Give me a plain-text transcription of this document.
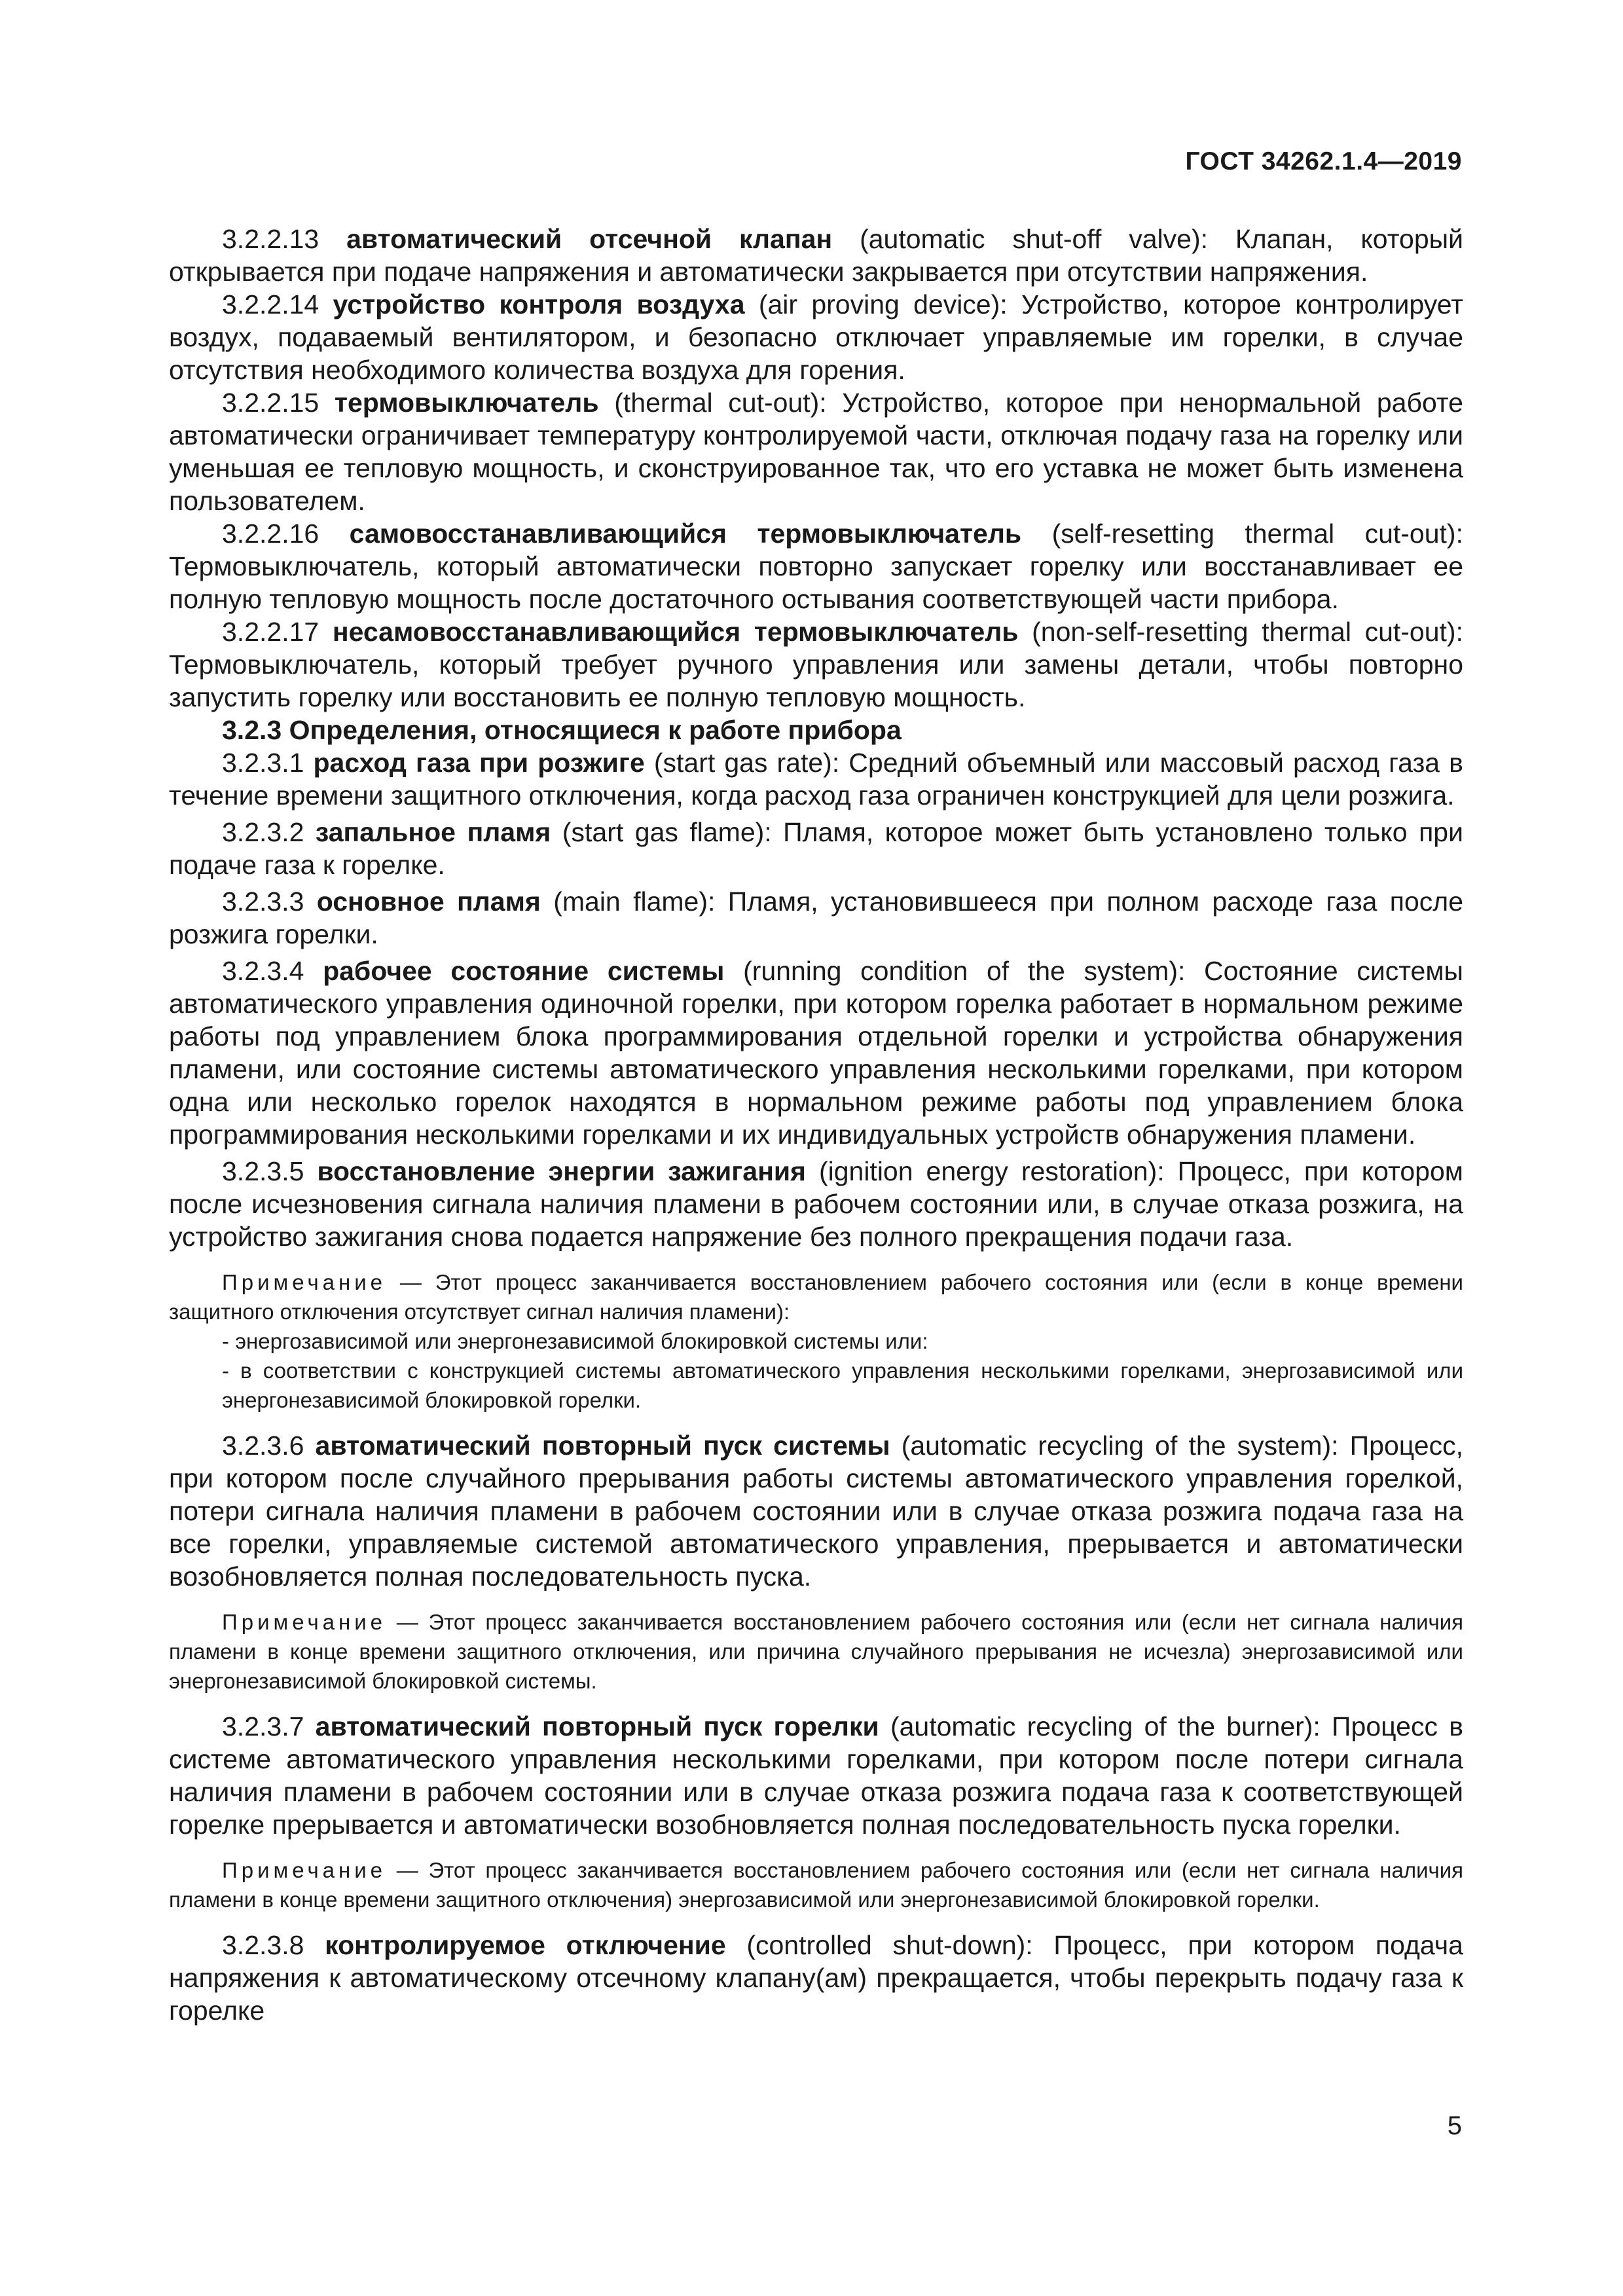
ГОСТ 34262.1.4—2019

3.2.2.13 автоматический отсечной клапан (automatic shut-off valve): Клапан, который открывается при подаче напряжения и автоматически закрывается при отсутствии напряжения.

3.2.2.14 устройство контроля воздуха (air proving device): Устройство, которое контролирует воздух, подаваемый вентилятором, и безопасно отключает управляемые им горелки, в случае отсутствия необходимого количества воздуха для горения.

3.2.2.15 термовыключатель (thermal cut-out): Устройство, которое при ненормальной работе автоматически ограничивает температуру контролируемой части, отключая подачу газа на горелку или уменьшая ее тепловую мощность, и сконструированное так, что его уставка не может быть изменена пользователем.

3.2.2.16 самовосстанавливающийся термовыключатель (self-resetting thermal cut-out): Термовыключатель, который автоматически повторно запускает горелку или восстанавливает ее полную тепловую мощность после достаточного остывания соответствующей части прибора.

3.2.2.17 несамовосстанавливающийся термовыключатель (non-self-resetting thermal cut-out): Термовыключатель, который требует ручного управления или замены детали, чтобы повторно запустить горелку или восстановить ее полную тепловую мощность.

3.2.3 Определения, относящиеся к работе прибора

3.2.3.1 расход газа при розжиге (start gas rate): Средний объемный или массовый расход газа в течение времени защитного отключения, когда расход газа ограничен конструкцией для цели розжига.

3.2.3.2 запальное пламя (start gas flame): Пламя, которое может быть установлено только при подаче газа к горелке.

3.2.3.3 основное пламя (main flame): Пламя, установившееся при полном расходе газа после розжига горелки.

3.2.3.4 рабочее состояние системы (running condition of the system): Состояние системы автоматического управления одиночной горелки, при котором горелка работает в нормальном режиме работы под управлением блока программирования отдельной горелки и устройства обнаружения пламени, или состояние системы автоматического управления несколькими горелками, при котором одна или несколько горелок находятся в нормальном режиме работы под управлением блока программирования несколькими горелками и их индивидуальных устройств обнаружения пламени.

3.2.3.5 восстановление энергии зажигания (ignition energy restoration): Процесс, при котором после исчезновения сигнала наличия пламени в рабочем состоянии или, в случае отказа розжига, на устройство зажигания снова подается напряжение без полного прекращения подачи газа.

Примечание — Этот процесс заканчивается восстановлением рабочего состояния или (если в конце времени защитного отключения отсутствует сигнал наличия пламени):

- энергозависимой или энергонезависимой блокировкой системы или:

- в соответствии с конструкцией системы автоматического управления несколькими горелками, энергозависимой или энергонезависимой блокировкой горелки.

3.2.3.6 автоматический повторный пуск системы (automatic recycling of the system): Процесс, при котором после случайного прерывания работы системы автоматического управления горелкой, потери сигнала наличия пламени в рабочем состоянии или в случае отказа розжига подача газа на все горелки, управляемые системой автоматического управления, прерывается и автоматически возобновляется полная последовательность пуска.

Примечание — Этот процесс заканчивается восстановлением рабочего состояния или (если нет сигнала наличия пламени в конце времени защитного отключения, или причина случайного прерывания не исчезла) энергозависимой или энергонезависимой блокировкой системы.

3.2.3.7 автоматический повторный пуск горелки (automatic recycling of the burner): Процесс в системе автоматического управления несколькими горелками, при котором после потери сигнала наличия пламени в рабочем состоянии или в случае отказа розжига подача газа к соответствующей горелке прерывается и автоматически возобновляется полная последовательность пуска горелки.

Примечание — Этот процесс заканчивается восстановлением рабочего состояния или (если нет сигнала наличия пламени в конце времени защитного отключения) энергозависимой или энергонезависимой блокировкой горелки.

3.2.3.8 контролируемое отключение (controlled shut-down): Процесс, при котором подача напряжения к автоматическому отсечному клапану(ам) прекращается, чтобы перекрыть подачу газа к горелке

5
